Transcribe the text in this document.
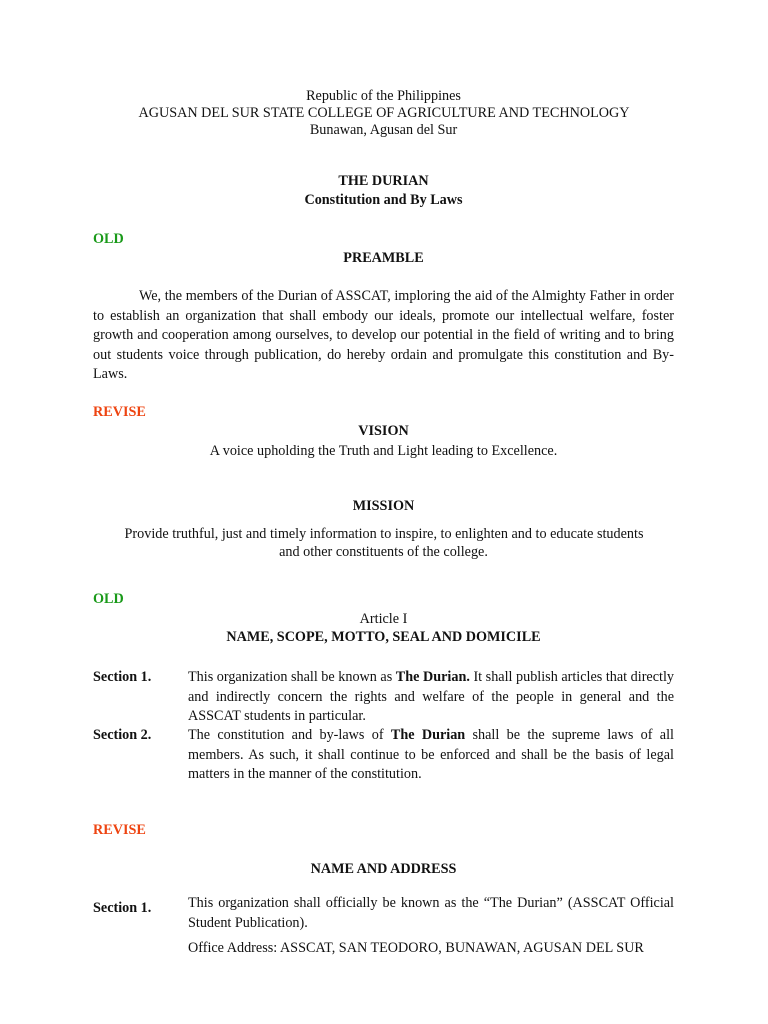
Republic of the Philippines
AGUSAN DEL SUR STATE COLLEGE OF AGRICULTURE AND TECHNOLOGY
Bunawan, Agusan del Sur
THE DURIAN
Constitution and By Laws
OLD
PREAMBLE
We, the members of the Durian of ASSCAT, imploring the aid of the Almighty Father in order to establish an organization that shall embody our ideals, promote our intellectual welfare, foster growth and cooperation among ourselves, to develop our potential in the field of writing and to bring out students voice through publication, do hereby ordain and promulgate this constitution and By-Laws.
REVISE
VISION
A voice upholding the Truth and Light leading to Excellence.
MISSION
Provide truthful, just and timely information to inspire, to enlighten and to educate students
and other constituents of the college.
OLD
Article I
NAME, SCOPE, MOTTO, SEAL AND DOMICILE
Section 1.	This organization shall be known as The Durian. It shall publish articles that directly and indirectly concern the rights and welfare of the people in general and the ASSCAT students in particular.
Section 2.	The constitution and by-laws of The Durian shall be the supreme laws of all members. As such, it shall continue to be enforced and shall be the basis of legal matters in the manner of the constitution.
REVISE
NAME AND ADDRESS
Section 1.	This organization shall officially be known as the “The Durian” (ASSCAT Official Student Publication).
Office Address: ASSCAT, SAN TEODORO, BUNAWAN, AGUSAN DEL SUR
